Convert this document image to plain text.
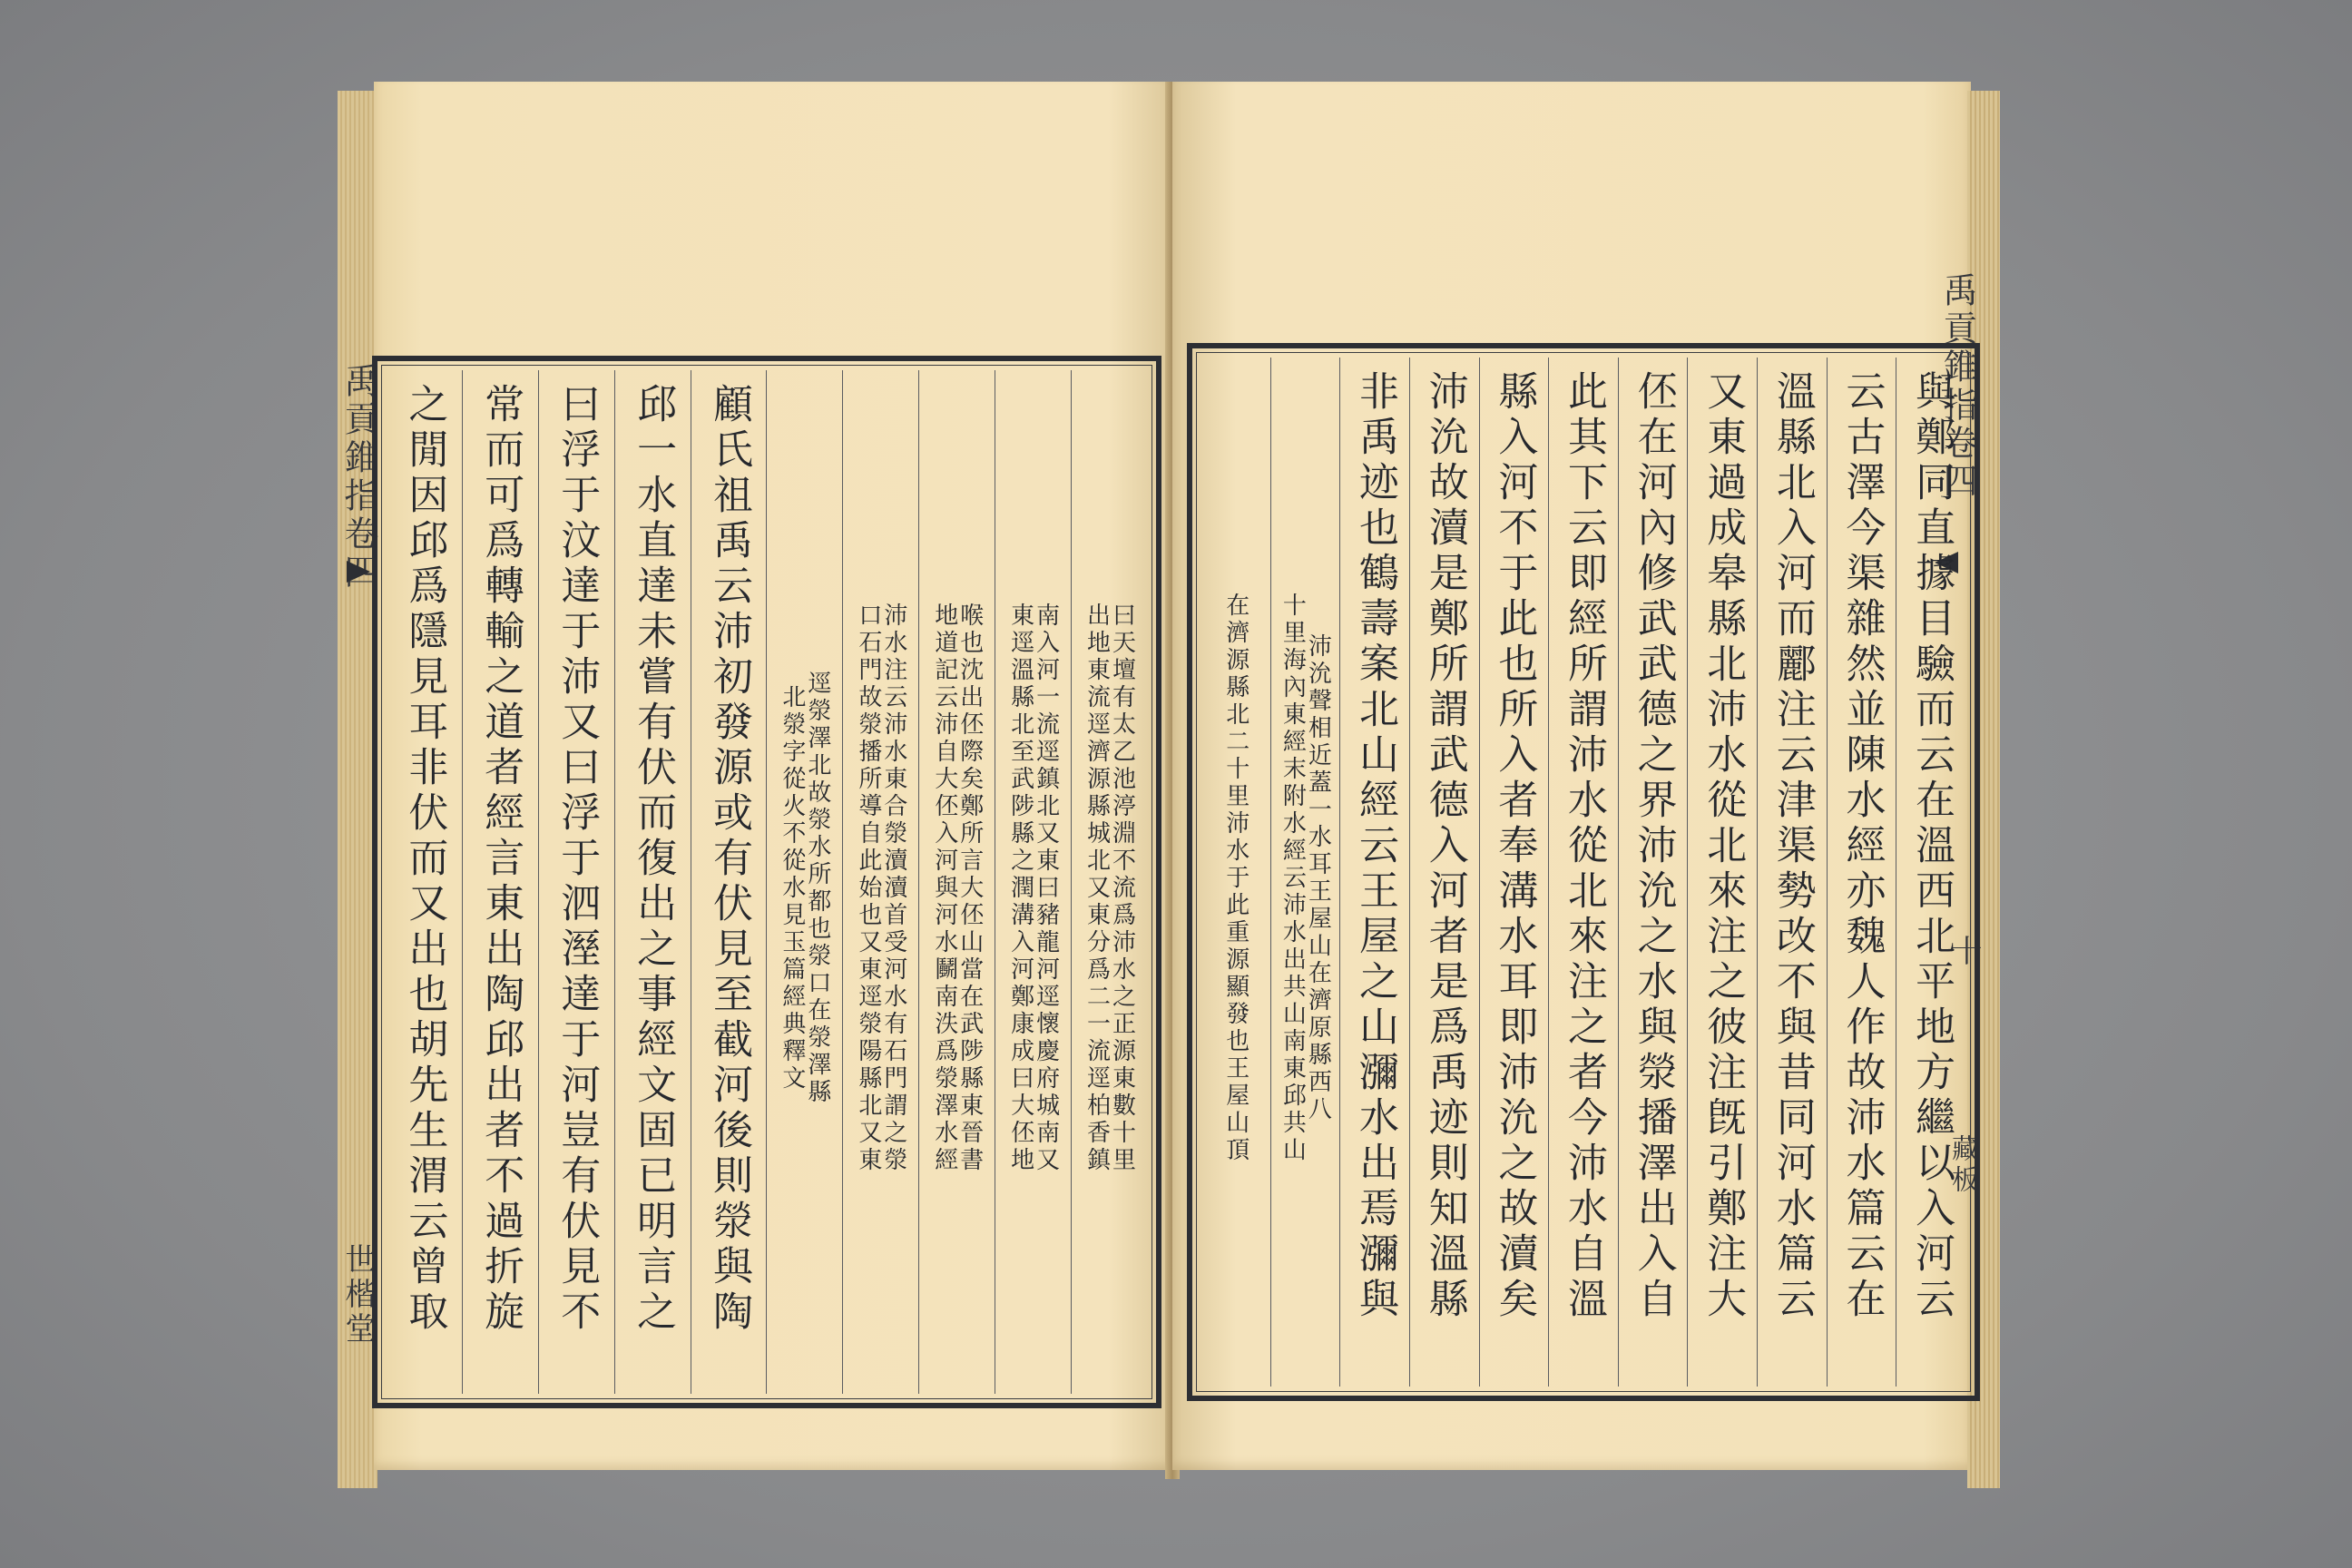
禹貢錐指卷四
世楷堂
禹貢錐指卷四
十
藏板
曰天壇有太乙池渟淵不流爲沛水之正源東數十里
出地東流逕濟源縣城北又東分爲二一流逕柏香鎮
南入河一流逕鎮北又東曰豬龍河逕懷慶府城南又
東逕溫縣北至武陟縣之潤溝入河鄭康成曰大伾地
喉也沈出伾際矣鄭所言大伾山當在武陟縣東晉書
地道記云沛自大伾入河與河水鬭南泆爲滎澤水經
沛水注云沛水東合滎瀆瀆首受河水有石門謂之滎
口石門故滎播所導自此始也又東逕滎陽縣北又東
逕滎澤北故滎水所都也滎口在滎澤縣
北滎字從火不從水見玉篇經典釋文
顧氏祖禹云沛初發源或有伏見至截河後則滎與陶
邱一水直達未嘗有伏而復出之事經文固已明言之
曰浮于汶達于沛又曰浮于泗溼達于河豈有伏見不
常而可爲轉輸之道者經言東出陶邱出者不過折旋
之閒因邱爲隱見耳非伏而又出也胡先生渭云曾取	與鄭同直據目驗而云在溫西北平地方繼以入河云
云古澤今渠雜然並陳水經亦魏人作故沛水篇云在
溫縣北入河而酈注云津渠勢改不與昔同河水篇云
又東過成皋縣北沛水從北來注之彼注旣引鄭注大
伾在河內修武武德之界沛沇之水與滎播澤出入自
此其下云即經所謂沛水從北來注之者今沛水自溫
縣入河不于此也所入者奉溝水耳即沛沇之故瀆矣
沛沇故瀆是鄭所謂武德入河者是爲禹迹則知溫縣
非禹迹也鶴壽案北山經云王屋之山瀰水出焉瀰與
沛沇聲相近蓋一水耳王屋山在濟原縣西八
十里海內東經末附水經云沛水出共山南東邱共山
在濟源縣北二十里沛水于此重源顯發也王屋山頂
